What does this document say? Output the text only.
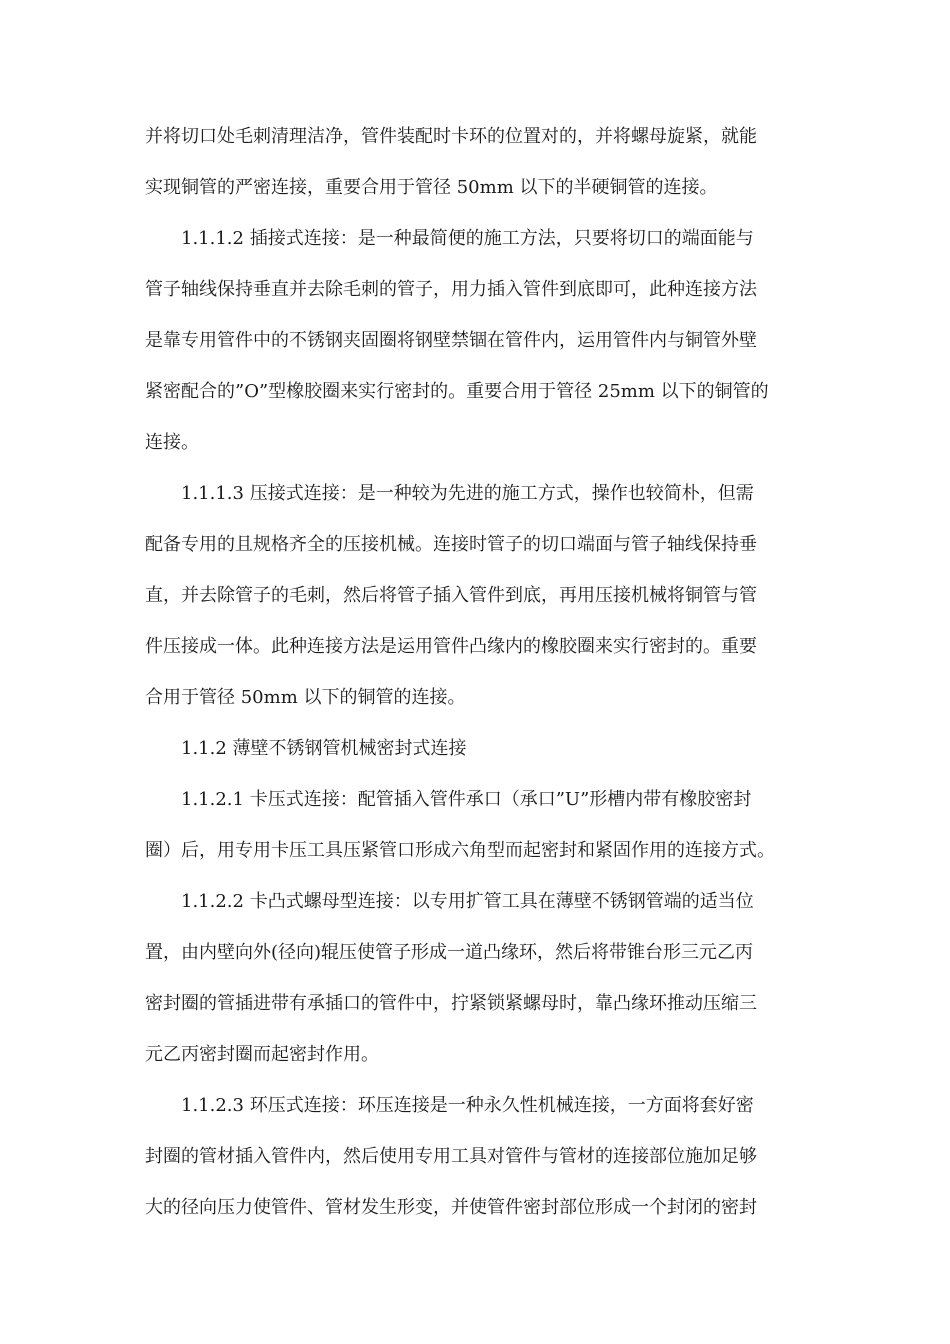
并将切口处毛刺清理洁净，管件装配时卡环的位置对的，并将螺母旋紧，就能
实现铜管的严密连接，重要合用于管径 50mm 以下的半硬铜管的连接。
1.1.1.2 插接式连接：是一种最简便的施工方法，只要将切口的端面能与
管子轴线保持垂直并去除毛刺的管子，用力插入管件到底即可，此种连接方法
是靠专用管件中的不锈钢夹固圈将钢壁禁锢在管件内，运用管件内与铜管外壁
紧密配合的”O”型橡胶圈来实行密封的。重要合用于管径 25mm 以下的铜管的
连接。
1.1.1.3 压接式连接：是一种较为先进的施工方式，操作也较简朴，但需
配备专用的且规格齐全的压接机械。连接时管子的切口端面与管子轴线保持垂
直，并去除管子的毛刺，然后将管子插入管件到底，再用压接机械将铜管与管
件压接成一体。此种连接方法是运用管件凸缘内的橡胶圈来实行密封的。重要
合用于管径 50mm 以下的铜管的连接。
1.1.2 薄壁不锈钢管机械密封式连接
1.1.2.1 卡压式连接：配管插入管件承口（承口”U”形槽内带有橡胶密封
圈）后，用专用卡压工具压紧管口形成六角型而起密封和紧固作用的连接方式。
1.1.2.2 卡凸式螺母型连接：以专用扩管工具在薄壁不锈钢管端的适当位
置，由内壁向外(径向)辊压使管子形成一道凸缘环，然后将带锥台形三元乙丙
密封圈的管插进带有承插口的管件中，拧紧锁紧螺母时，靠凸缘环推动压缩三
元乙丙密封圈而起密封作用。
1.1.2.3 环压式连接：环压连接是一种永久性机械连接，一方面将套好密
封圈的管材插入管件内，然后使用专用工具对管件与管材的连接部位施加足够
大的径向压力使管件、管材发生形变，并使管件密封部位形成一个封闭的密封
